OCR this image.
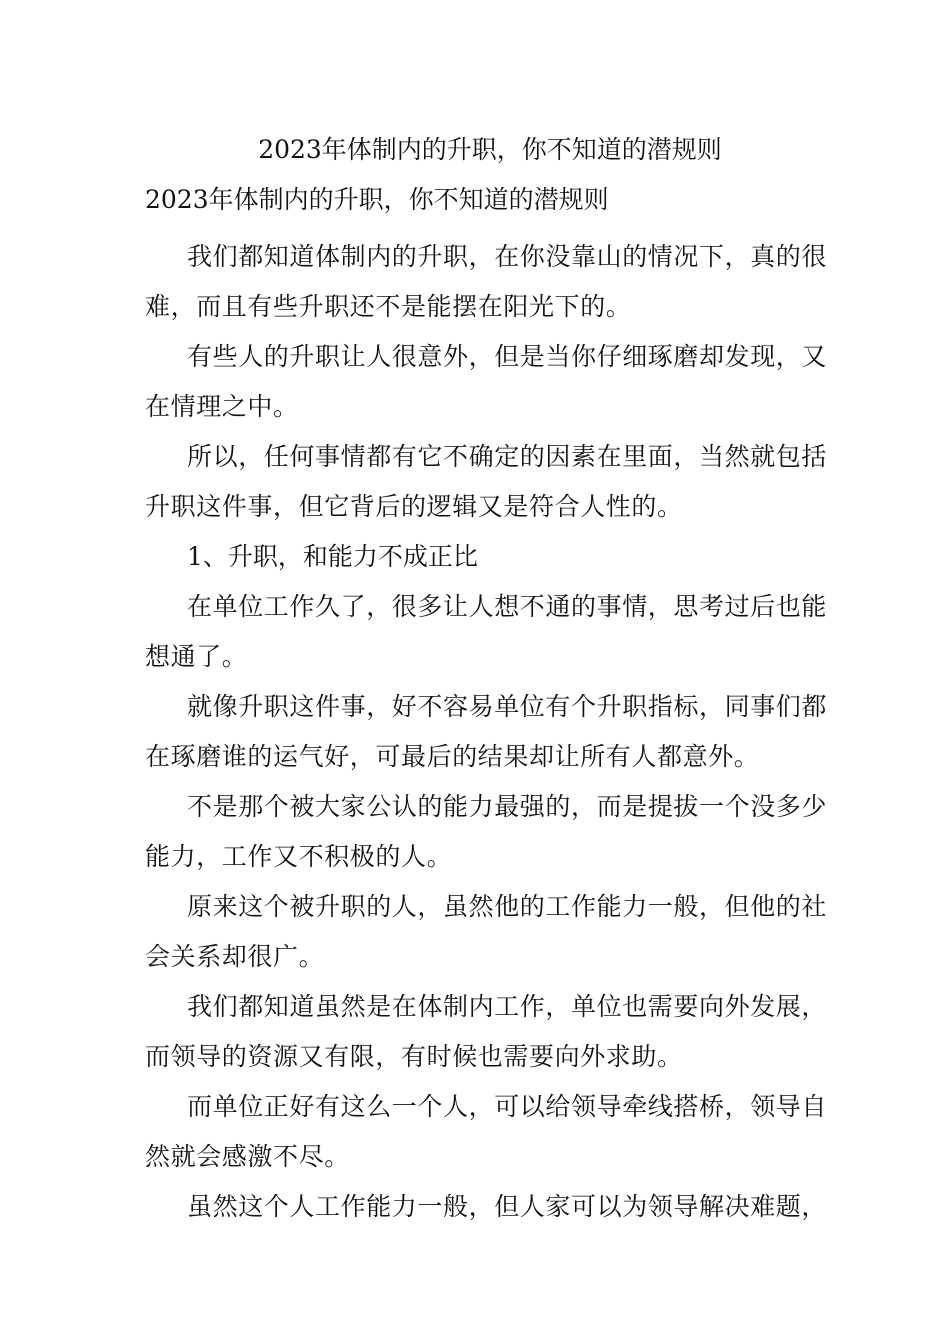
2023年体制内的升职，你不知道的潜规则

2023年体制内的升职，你不知道的潜规则

我们都知道体制内的升职，在你没靠山的情况下，真的很难，而且有些升职还不是能摆在阳光下的。

有些人的升职让人很意外，但是当你仔细琢磨却发现，又在情理之中。

所以，任何事情都有它不确定的因素在里面，当然就包括升职这件事，但它背后的逻辑又是符合人性的。

1、升职，和能力不成正比

在单位工作久了，很多让人想不通的事情，思考过后也能想通了。

就像升职这件事，好不容易单位有个升职指标，同事们都在琢磨谁的运气好，可最后的结果却让所有人都意外。

不是那个被大家公认的能力最强的，而是提拔一个没多少能力，工作又不积极的人。

原来这个被升职的人，虽然他的工作能力一般，但他的社会关系却很广。

我们都知道虽然是在体制内工作，单位也需要向外发展，而领导的资源又有限，有时候也需要向外求助。

而单位正好有这么一个人，可以给领导牵线搭桥，领导自然就会感激不尽。

虽然这个人工作能力一般，但人家可以为领导解决难题，
